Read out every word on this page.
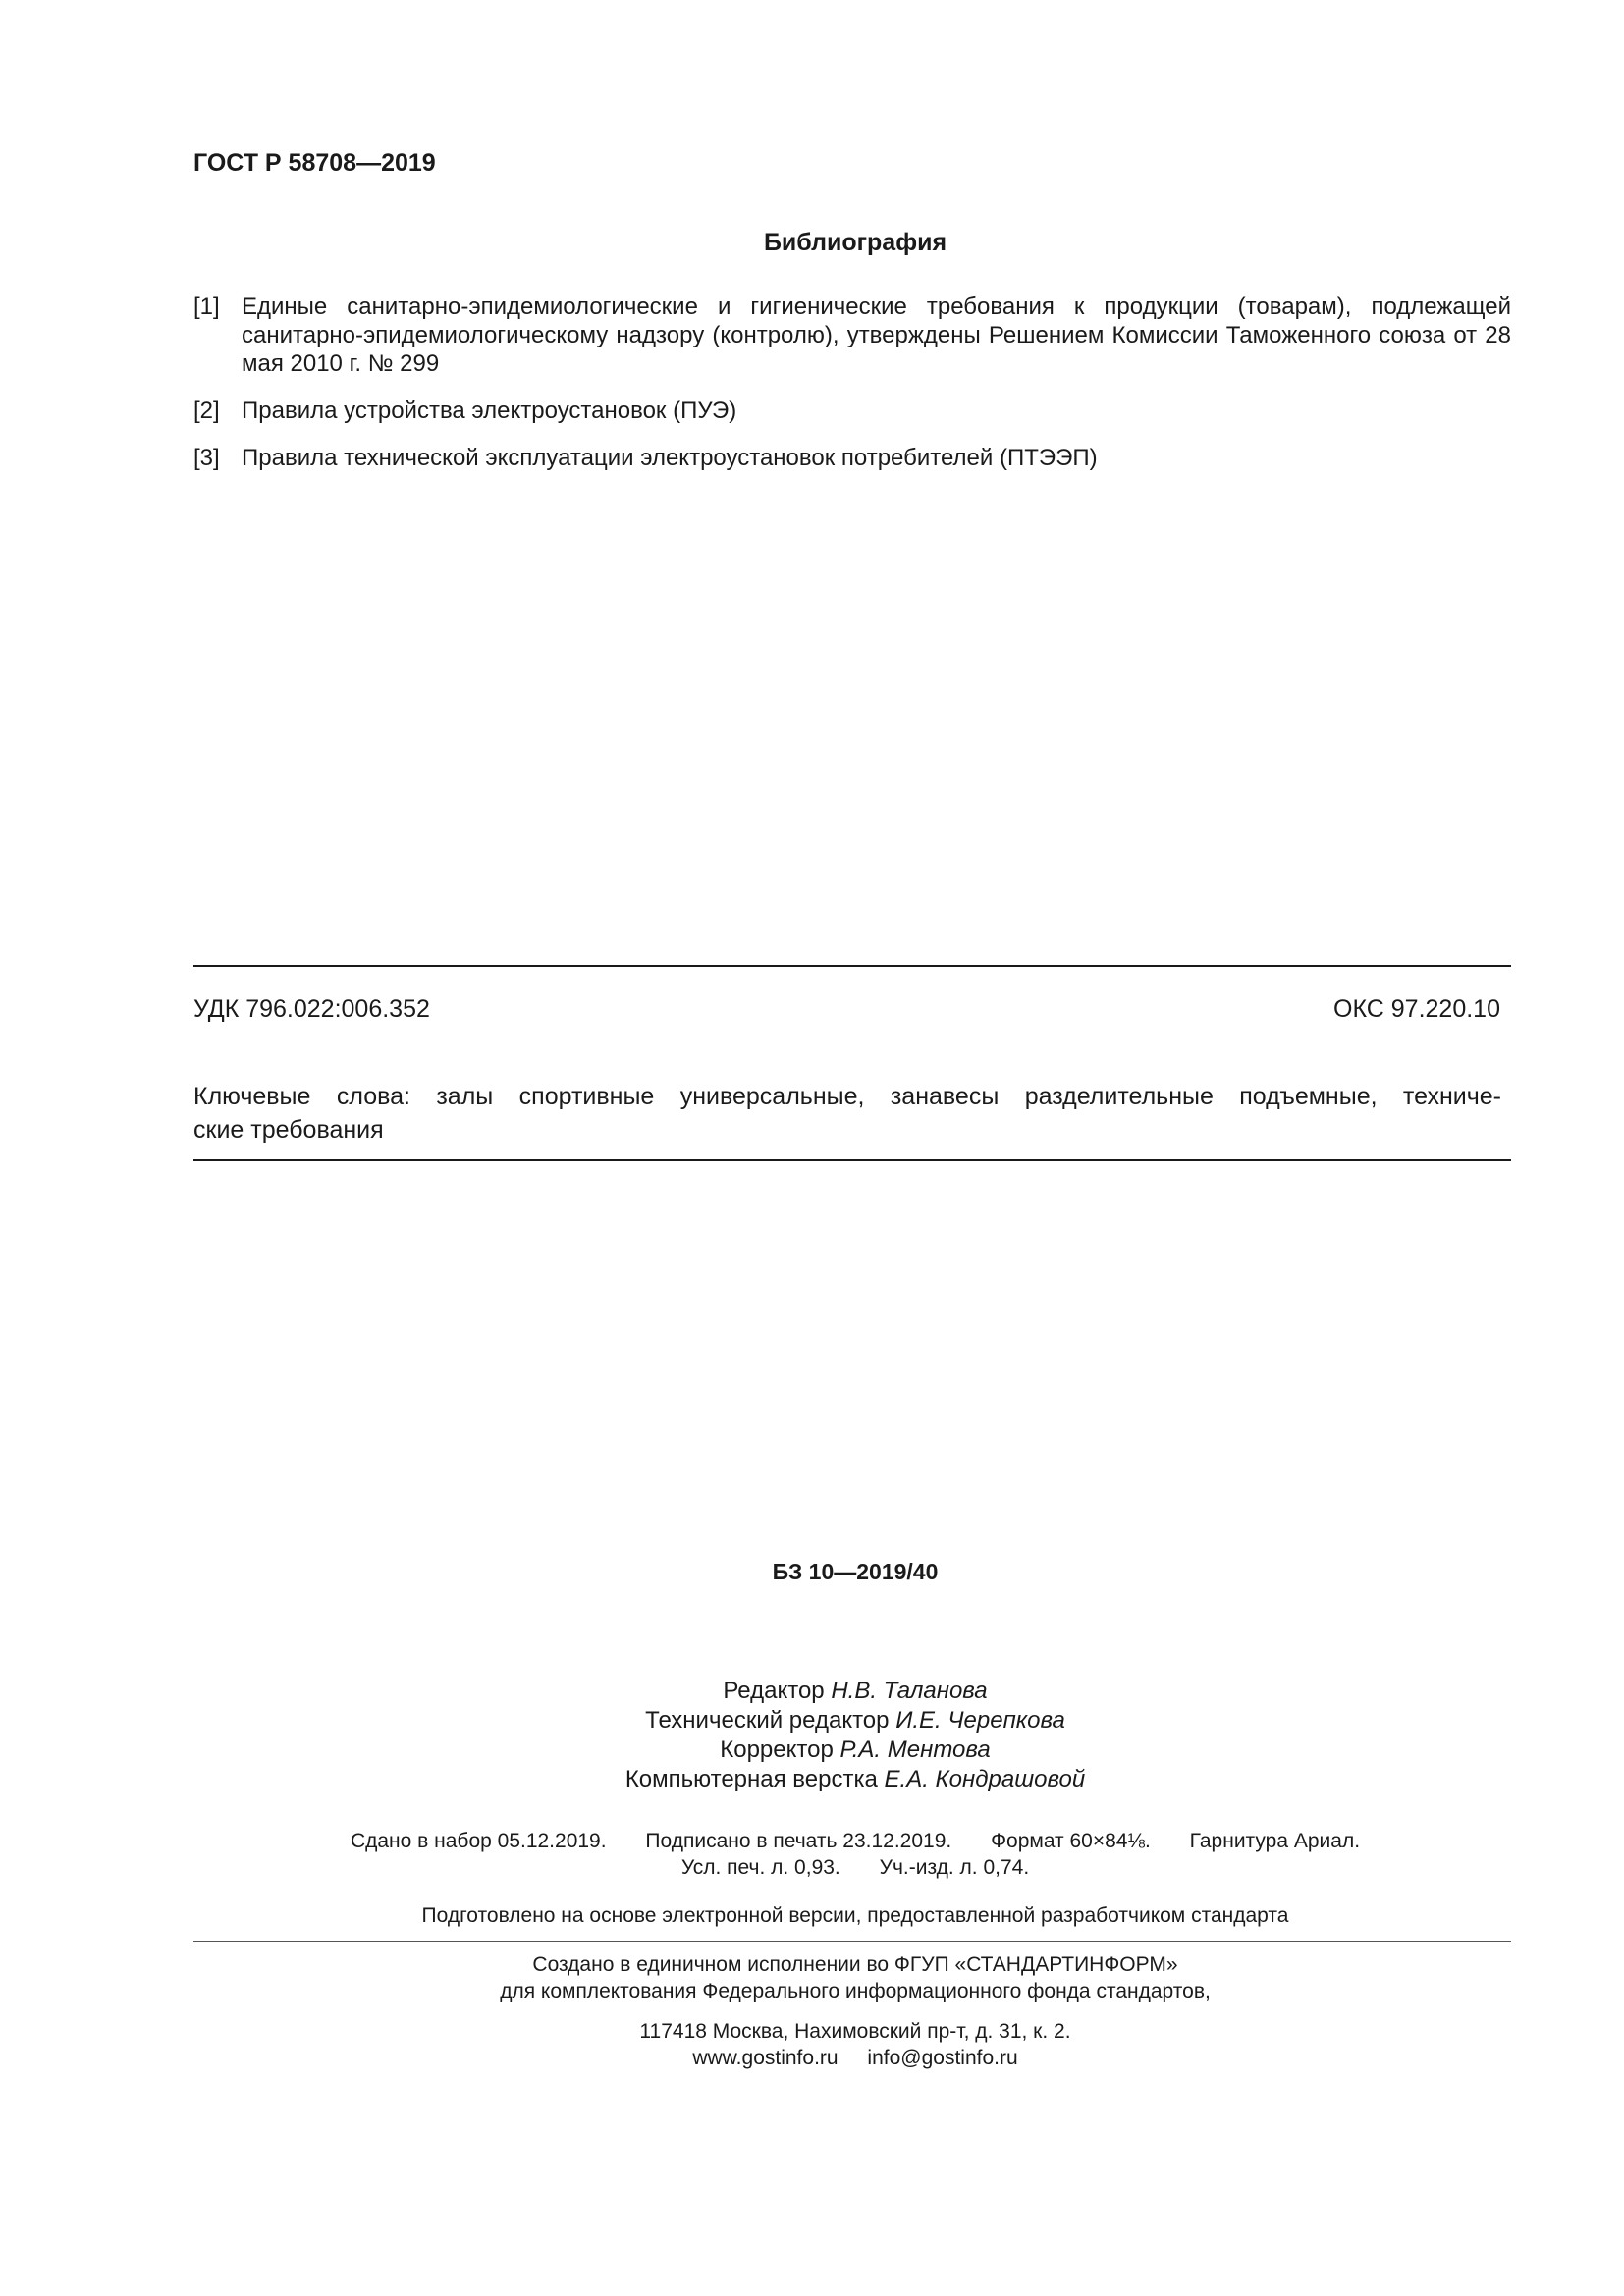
ГОСТ Р 58708—2019
Библиография
[1] Единые санитарно-эпидемиологические и гигиенические требования к продукции (товарам), подлежащей санитарно-эпидемиологическому надзору (контролю), утверждены Решением Комиссии Таможенного союза от 28 мая 2010 г. № 299
[2] Правила устройства электроустановок (ПУЭ)
[3] Правила технической эксплуатации электроустановок потребителей (ПТЭЭП)
УДК 796.022:006.352	ОКС 97.220.10
Ключевые слова: залы спортивные универсальные, занавесы разделительные подъемные, техниче-
ские требования
БЗ 10—2019/40
Редактор Н.В. Таланова
Технический редактор И.Е. Черепкова
Корректор Р.А. Ментова
Компьютерная верстка Е.А. Кондрашовой
Сдано в набор 05.12.2019. Подписано в печать 23.12.2019. Формат 60×84⅛. Гарнитура Ариал.
Усл. печ. л. 0,93. Уч.-изд. л. 0,74.
Подготовлено на основе электронной версии, предоставленной разработчиком стандарта
Создано в единичном исполнении во ФГУП «СТАНДАРТИНФОРМ»
для комплектования Федерального информационного фонда стандартов,
117418 Москва, Нахимовский пр-т, д. 31, к. 2.
www.gostinfo.ru info@gostinfo.ru
